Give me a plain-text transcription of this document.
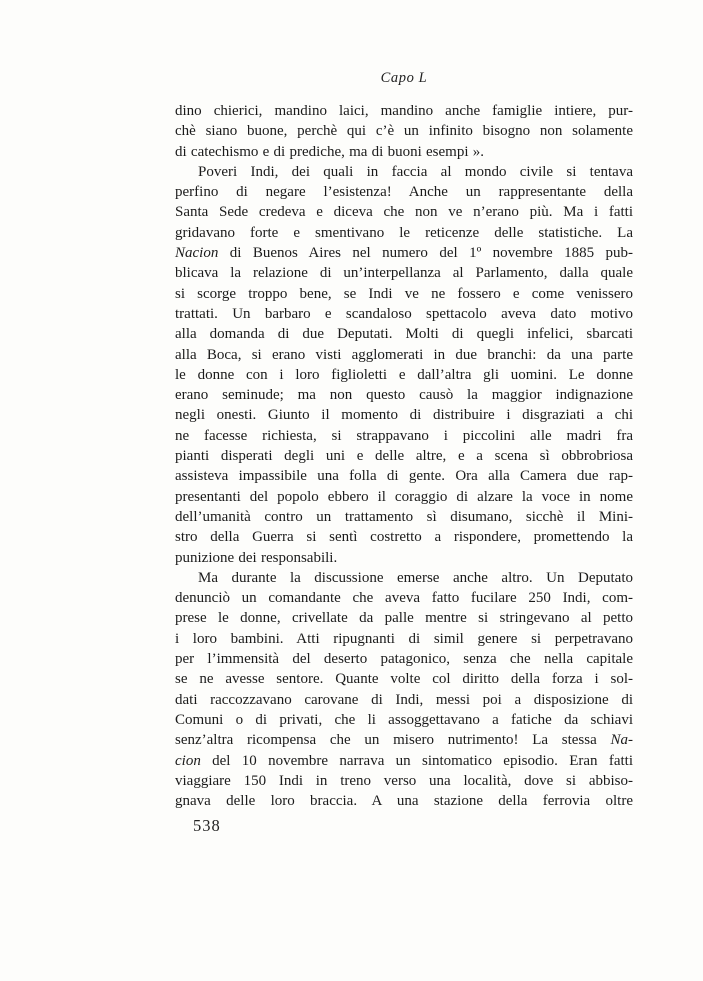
Capo L
dino chierici, mandino laici, mandino anche famiglie intiere, pur-
chè siano buone, perchè qui c’è un infinito bisogno non solamente
di catechismo e di prediche, ma di buoni esempi ».
Poveri Indi, dei quali in faccia al mondo civile si tentava
perfino di negare l’esistenza! Anche un rappresentante della
Santa Sede credeva e diceva che non ve n’erano più. Ma i fatti
gridavano forte e smentivano le reticenze delle statistiche. La
Nacion di Buenos Aires nel numero del 1º novembre 1885 pub-
blicava la relazione di un’interpellanza al Parlamento, dalla quale
si scorge troppo bene, se Indi ve ne fossero e come venissero
trattati. Un barbaro e scandaloso spettacolo aveva dato motivo
alla domanda di due Deputati. Molti di quegli infelici, sbarcati
alla Boca, si erano visti agglomerati in due branchi: da una parte
le donne con i loro figlioletti e dall’altra gli uomini. Le donne
erano seminude; ma non questo causò la maggior indignazione
negli onesti. Giunto il momento di distribuire i disgraziati a chi
ne facesse richiesta, si strappavano i piccolini alle madri fra
pianti disperati degli uni e delle altre, e a scena sì obbrobriosa
assisteva impassibile una folla di gente. Ora alla Camera due rap-
presentanti del popolo ebbero il coraggio di alzare la voce in nome
dell’umanità contro un trattamento sì disumano, sicchè il Mini-
stro della Guerra si sentì costretto a rispondere, promettendo la
punizione dei responsabili.
Ma durante la discussione emerse anche altro. Un Deputato
denunciò un comandante che aveva fatto fucilare 250 Indi, com-
prese le donne, crivellate da palle mentre si stringevano al petto
i loro bambini. Atti ripugnanti di simil genere si perpetravano
per l’immensità del deserto patagonico, senza che nella capitale
se ne avesse sentore. Quante volte col diritto della forza i sol-
dati raccozzavano carovane di Indi, messi poi a disposizione di
Comuni o di privati, che li assoggettavano a fatiche da schiavi
senz’altra ricompensa che un misero nutrimento! La stessa Na-
cion del 10 novembre narrava un sintomatico episodio. Eran fatti
viaggiare 150 Indi in treno verso una località, dove si abbiso-
gnava delle loro braccia. A una stazione della ferrovia oltre
538
